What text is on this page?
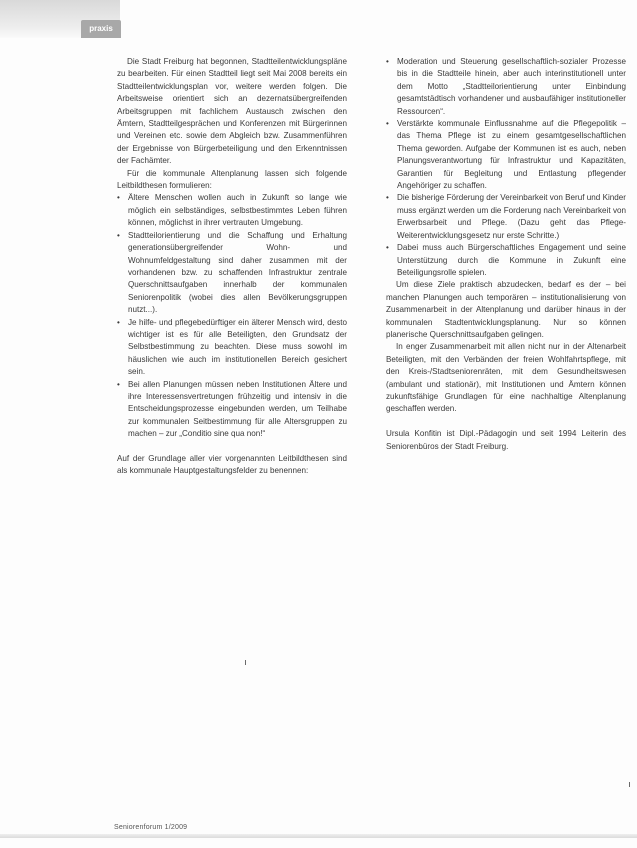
praxis

Die Stadt Freiburg hat begonnen, Stadtteilentwicklungspläne zu bearbeiten. Für einen Stadtteil liegt seit Mai 2008 bereits ein Stadtteilentwicklungsplan vor, weitere werden folgen. Die Arbeitsweise orientiert sich an dezernatsübergreifenden Arbeitsgruppen mit fachlichem Austausch zwischen den Ämtern, Stadtteilgesprächen und Konferenzen mit Bürgerinnen und Vereinen etc. sowie dem Abgleich bzw. Zusammenführen der Ergebnisse von Bürgerbeteiligung und den Erkenntnissen der Fachämter.

Für die kommunale Altenplanung lassen sich folgende Leitbildthesen formulieren:

• Ältere Menschen wollen auch in Zukunft so lange wie möglich ein selbständiges, selbstbestimmtes Leben führen können, möglichst in ihrer vertrauten Umgebung.
• Stadtteilorientierung und die Schaffung und Erhaltung generationsübergreifender Wohn- und Wohnumfeldgestaltung sind daher zusammen mit der vorhandenen bzw. zu schaffenden Infrastruktur zentrale Querschnittsaufgaben innerhalb der kommunalen Seniorenpolitik (wobei dies allen Bevölkerungsgruppen nutzt...).
• Je hilfe- und pflegebedürftiger ein älterer Mensch wird, desto wichtiger ist es für alle Beteiligten, den Grundsatz der Selbstbestimmung zu beachten. Diese muss sowohl im häuslichen wie auch im institutionellen Bereich gesichert sein.
• Bei allen Planungen müssen neben Institutionen Ältere und ihre Interessensvertretungen frühzeitig und intensiv in die Entscheidungsprozesse eingebunden werden, um Teilhabe zur kommunalen Seitbestimmung für alle Altersgruppen zu machen – zur „Conditio sine qua non!“

Auf der Grundlage aller vier vorgenannten Leitbildthesen sind als kommunale Hauptgestaltungsfelder zu benennen:

• Moderation und Steuerung gesellschaftlich-sozialer Prozesse bis in die Stadtteile hinein, aber auch interinstitutionell unter dem Motto „Stadtteilorientierung unter Einbindung gesamtstädtisch vorhandener und ausbaufähiger institutioneller Ressourcen“.
• Verstärkte kommunale Einflussnahme auf die Pflegepolitik – das Thema Pflege ist zu einem gesamtgesellschaftlichen Thema geworden. Aufgabe der Kommunen ist es auch, neben Planungsverantwortung für Infrastruktur und Kapazitäten, Garantien für Begleitung und Entlastung pflegender Angehöriger zu schaffen.
• Die bisherige Förderung der Vereinbarkeit von Beruf und Kinder muss ergänzt werden um die Forderung nach Vereinbarkeit von Erwerbsarbeit und Pflege. (Dazu geht das Pflege-Weiterentwicklungsgesetz nur erste Schritte.)
• Dabei muss auch Bürgerschaftliches Engagement und seine Unterstützung durch die Kommune in Zukunft eine Beteiligungsrolle spielen.

Um diese Ziele praktisch abzudecken, bedarf es der – bei manchen Planungen auch temporären – institutionalisierung von Zusammenarbeit in der Altenplanung und darüber hinaus in der kommunalen Stadtentwicklungsplanung. Nur so können planerische Querschnittsaufgaben gelingen.

In enger Zusammenarbeit mit allen nicht nur in der Altenarbeit Beteiligten, mit den Verbänden der freien Wohlfahrtspflege, mit den Kreis-/Stadtseniorenräten, mit dem Gesundheitswesen (ambulant und stationär), mit Institutionen und Ämtern können zukunftsfähige Grundlagen für eine nachhaltige Altenplanung geschaffen werden.

Ursula Konfitin ist Dipl.-Pädagogin und seit 1994 Leiterin des Seniorenbüros der Stadt Freiburg.

Seniorenforum 1/2009
